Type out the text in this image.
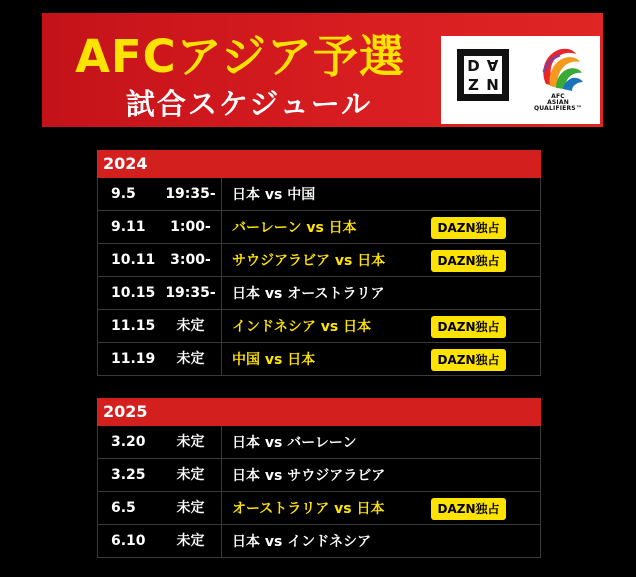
AFCアジア予選
試合スケジュール
D A
Z N
AFC
ASIAN
QUALIFIERS™
2024
9.5	19:35-	日本 vs 中国
9.11	1:00-	バーレーン vs 日本	DAZN独占
10.11	3:00-	サウジアラビア vs 日本	DAZN独占
10.15 19:35-	日本 vs オーストラリア
11.15	未定	インドネシア vs 日本	DAZN独占
11.19	未定	中国 vs 日本	DAZN独占
2025
3.20	未定	日本 vs バーレーン
3.25	未定	日本 vs サウジアラビア
6.5	未定	オーストラリア vs 日本	DAZN独占
6.10	未定	日本 vs インドネシア
